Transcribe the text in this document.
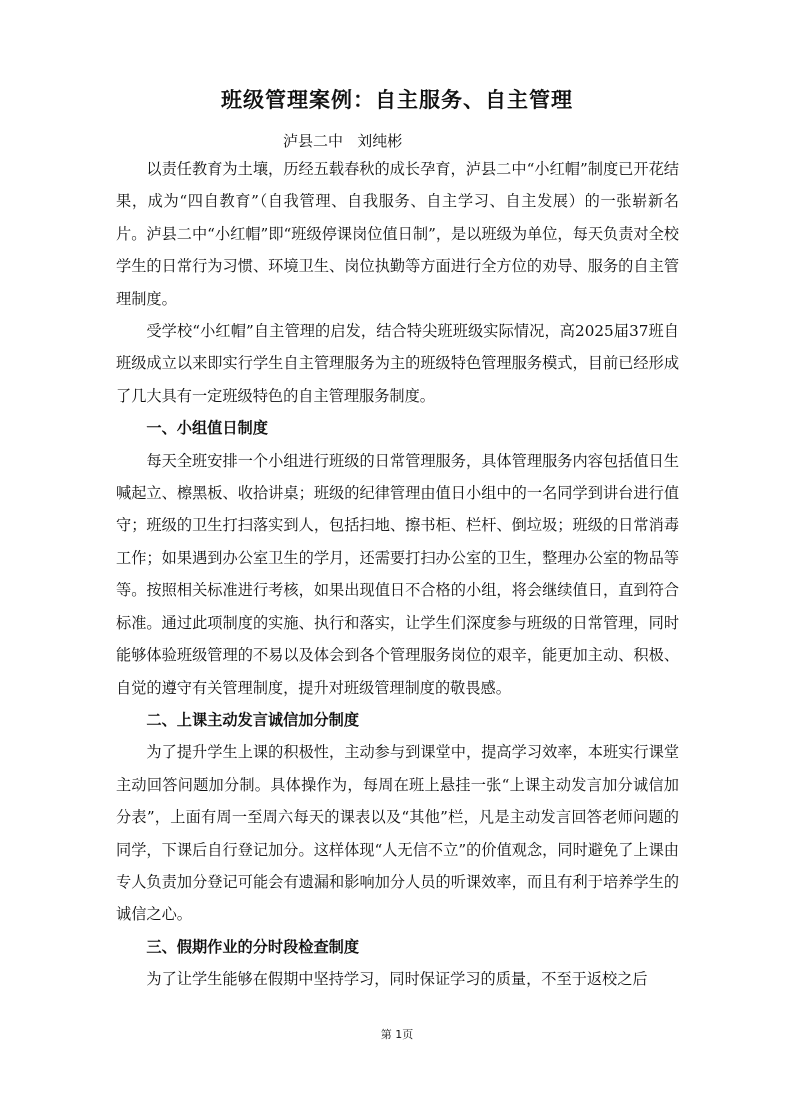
班级管理案例：自主服务、自主管理
泸县二中   刘纯彬

以责任教育为土壤，历经五载春秋的成长孕育，泸县二中“小红帽”制度已开花结果，成为“四自教育”（自我管理、自我服务、自主学习、自主发展）的一张崭新名片。泸县二中“小红帽”即“班级停课岗位值日制”，是以班级为单位，每天负责对全校学生的日常行为习惯、环境卫生、岗位执勤等方面进行全方位的劝导、服务的自主管理制度。

受学校“小红帽”自主管理的启发，结合特尖班班级实际情况，高2025届37班自班级成立以来即实行学生自主管理服务为主的班级特色管理服务模式，目前已经形成了几大具有一定班级特色的自主管理服务制度。

一、小组值日制度

每天全班安排一个小组进行班级的日常管理服务，具体管理服务内容包括值日生喊起立、檫黑板、收拾讲桌；班级的纪律管理由值日小组中的一名同学到讲台进行值守；班级的卫生打扫落实到人，包括扫地、擦书柜、栏杆、倒垃圾；班级的日常消毒工作；如果遇到办公室卫生的学月，还需要打扫办公室的卫生，整理办公室的物品等等。按照相关标准进行考核，如果出现值日不合格的小组，将会继续值日，直到符合标准。通过此项制度的实施、执行和落实，让学生们深度参与班级的日常管理，同时能够体验班级管理的不易以及体会到各个管理服务岗位的艰辛，能更加主动、积极、自觉的遵守有关管理制度，提升对班级管理制度的敬畏感。

二、上课主动发言诚信加分制度

为了提升学生上课的积极性，主动参与到课堂中，提高学习效率，本班实行课堂主动回答问题加分制。具体操作为，每周在班上悬挂一张“上课主动发言加分诚信加分表”，上面有周一至周六每天的课表以及“其他”栏，凡是主动发言回答老师问题的同学，下课后自行登记加分。这样体现“人无信不立”的价值观念，同时避免了上课由专人负责加分登记可能会有遗漏和影响加分人员的听课效率，而且有利于培养学生的诚信之心。

三、假期作业的分时段检查制度

为了让学生能够在假期中坚持学习，同时保证学习的质量，不至于返校之后

第 1页
